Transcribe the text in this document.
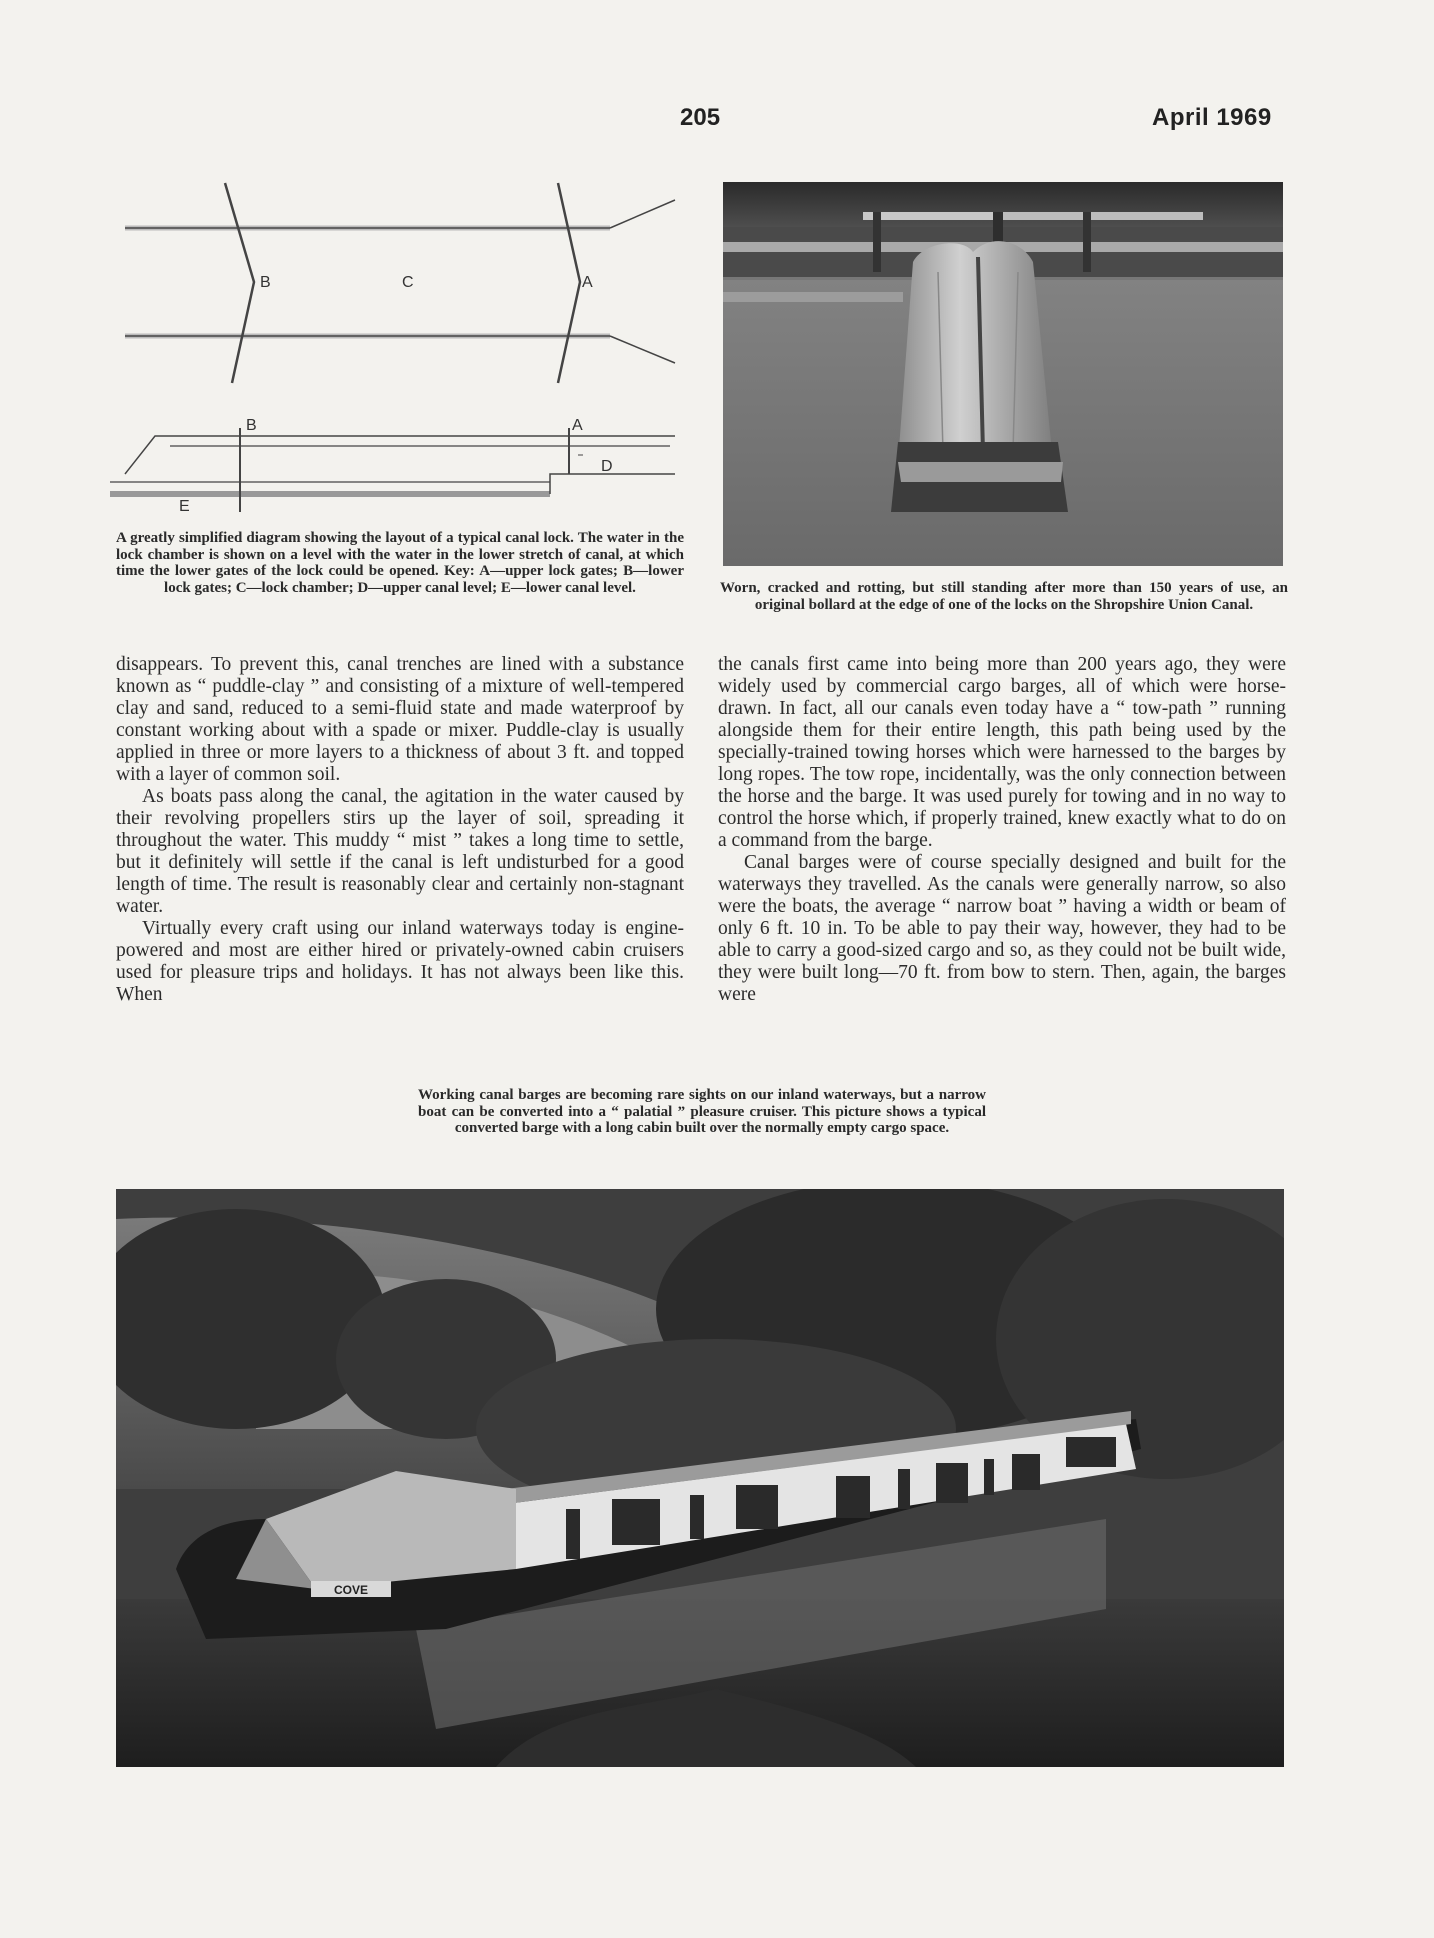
205	April 1969
B	C	A
B	A
D
E
A greatly simplified diagram showing the layout of a typical canal lock. The water in the lock chamber is shown on a level with the water in the lower stretch of canal, at which time the lower gates of the lock could be opened. Key: A—upper lock gates; B—lower lock gates; C—lock chamber; D—upper canal level; E—lower canal level.	Worn, cracked and rotting, but still standing after more than 150 years of use, an original bollard at the edge of one of the locks on the Shropshire Union Canal.

disappears. To prevent this, canal trenches are lined with a substance known as “ puddle-clay ” and consisting of a mixture of well-tempered clay and sand, reduced to a semi-fluid state and made waterproof by constant working about with a spade or mixer. Puddle-clay is usually applied in three or more layers to a thickness of about 3 ft. and topped with a layer of common soil.

As boats pass along the canal, the agitation in the water caused by their revolving propellers stirs up the layer of soil, spreading it throughout the water. This muddy “ mist ” takes a long time to settle, but it definitely will settle if the canal is left undisturbed for a good length of time. The result is reasonably clear and certainly non-stagnant water.

Virtually every craft using our inland waterways today is engine-powered and most are either hired or privately-owned cabin cruisers used for pleasure trips and holidays. It has not always been like this. When

the canals first came into being more than 200 years ago, they were widely used by commercial cargo barges, all of which were horse-drawn. In fact, all our canals even today have a “ tow-path ” running alongside them for their entire length, this path being used by the specially-trained towing horses which were harnessed to the barges by long ropes. The tow rope, incidentally, was the only connection between the horse and the barge. It was used purely for towing and in no way to control the horse which, if properly trained, knew exactly what to do on a command from the barge.

Canal barges were of course specially designed and built for the waterways they travelled. As the canals were generally narrow, so also were the boats, the average “ narrow boat ” having a width or beam of only 6 ft. 10 in. To be able to pay their way, however, they had to be able to carry a good-sized cargo and so, as they could not be built wide, they were built long—70 ft. from bow to stern. Then, again, the barges were

Working canal barges are becoming rare sights on our inland waterways, but a narrow boat can be converted into a “ palatial ” pleasure cruiser. This picture shows a typical converted barge with a long cabin built over the normally empty cargo space.
COVE
